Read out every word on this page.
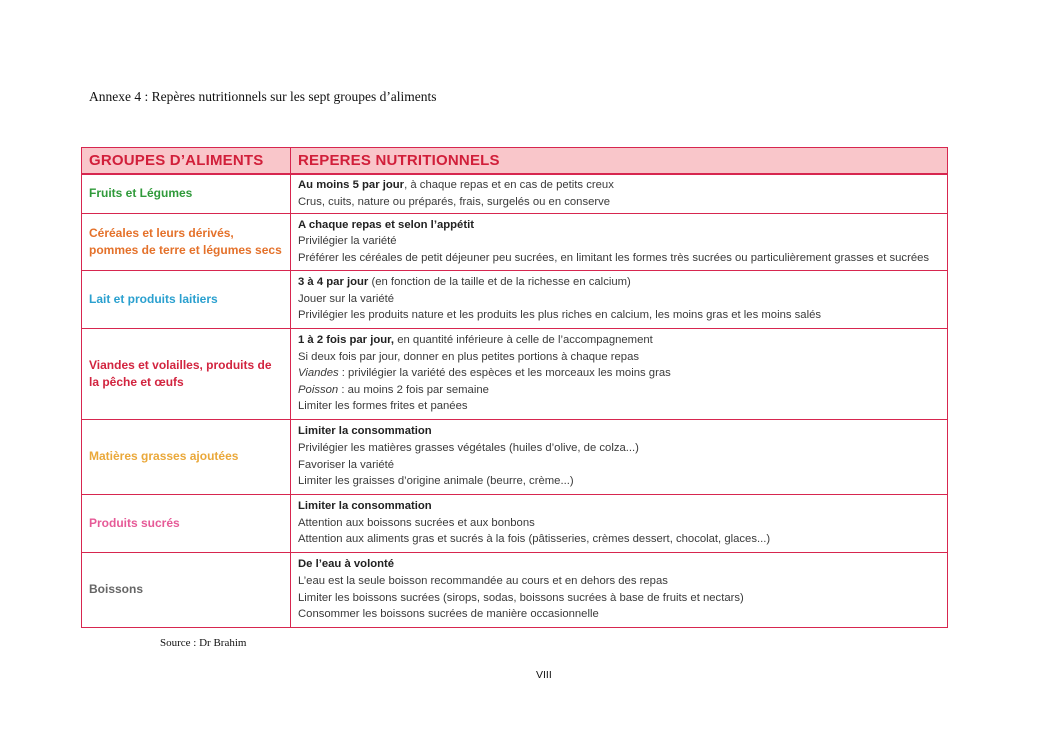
Annexe 4 : Repères nutritionnels sur les sept groupes d’aliments
GROUPES D’ALIMENTS	REPERES NUTRITIONNELS
Fruits et Légumes	Au moins 5 par jour, à chaque repas et en cas de petits creux
Crus, cuits, nature ou préparés, frais, surgelés ou en conserve

Céréales et leurs dérivés, pommes de terre et légumes secs	A chaque repas et selon l’appétit
Privilégier la variété
Préférer les céréales de petit déjeuner peu sucrées, en limitant les formes très sucrées ou particulièrement grasses et sucrées

Lait et produits laitiers	3 à 4 par jour (en fonction de la taille et de la richesse en calcium)
Jouer sur la variété
Privilégier les produits nature et les produits les plus riches en calcium, les moins gras et les moins salés

Viandes et volailles, produits de la pêche et œufs	1 à 2 fois par jour, en quantité inférieure à celle de l’accompagnement
Si deux fois par jour, donner en plus petites portions à chaque repas
Viandes : privilégier la variété des espèces et les morceaux les moins gras
Poisson : au moins 2 fois par semaine
Limiter les formes frites et panées

Matières grasses ajoutées	Limiter la consommation
Privilégier les matières grasses végétales (huiles d’olive, de colza...)
Favoriser la variété
Limiter les graisses d’origine animale (beurre, crème...)

Produits sucrés	Limiter la consommation
Attention aux boissons sucrées et aux bonbons
Attention aux aliments gras et sucrés à la fois (pâtisseries, crèmes dessert, chocolat, glaces...)

Boissons	De l’eau à volonté
L’eau est la seule boisson recommandée au cours et en dehors des repas
Limiter les boissons sucrées (sirops, sodas, boissons sucrées à base de fruits et nectars)
Consommer les boissons sucrées de manière occasionnelle
Source : Dr Brahim
VIII
